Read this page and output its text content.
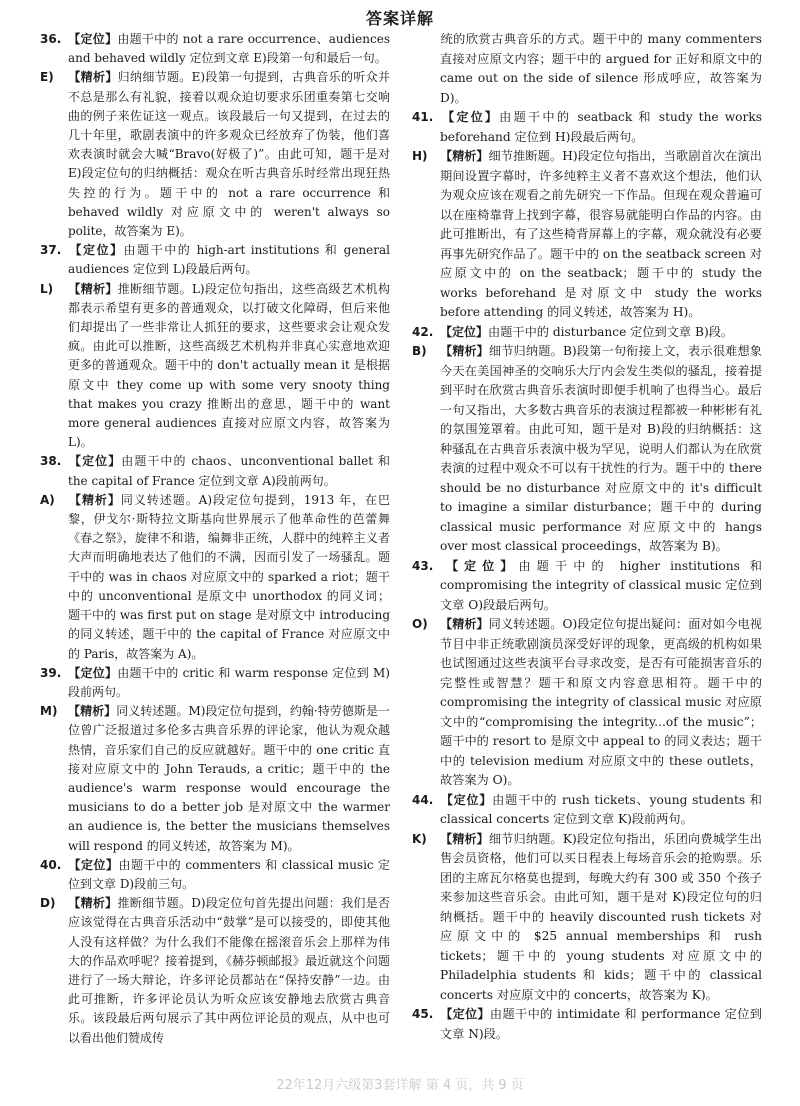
答案详解

36. 【定位】由题干中的 not a rare occurrence、audiences and behaved wildly 定位到文章 E)段第一句和最后一句。

E) 【精析】归纳细节题。E)段第一句提到，古典音乐的听众并不总是那么有礼貌，接着以观众迫切要求乐团重奏第七交响曲的例子来佐证这一观点。该段最后一句又提到，在过去的几十年里，歌剧表演中的许多观众已经放弃了伪装，他们喜欢表演时就会大喊“Bravo(好极了)”。由此可知，题干是对 E)段定位句的归纳概括：观众在听古典音乐时经常出现狂热失控的行为。题干中的 not a rare occurrence 和 behaved wildly 对应原文中的 weren't always so polite，故答案为 E)。

37. 【定位】由题干中的 high-art institutions 和 general audiences 定位到 L)段最后两句。

L) 【精析】推断细节题。L)段定位句指出，这些高级艺术机构都表示希望有更多的普通观众，以打破文化障碍，但后来他们却提出了一些非常让人抓狂的要求，这些要求会让观众发疯。由此可以推断，这些高级艺术机构并非真心实意地欢迎更多的普通观众。题干中的 don't actually mean it 是根据原文中 they come up with some very snooty thing that makes you crazy 推断出的意思，题干中的 want more general audiences 直接对应原文内容，故答案为 L)。

38. 【定位】由题干中的 chaos、unconventional ballet 和 the capital of France 定位到文章 A)段前两句。

A) 【精析】同义转述题。A)段定位句提到，1913 年，在巴黎，伊戈尔·斯特拉文斯基向世界展示了他革命性的芭蕾舞《春之祭》，旋律不和谐，编舞非正统，人群中的纯粹主义者大声而明确地表达了他们的不满，因而引发了一场骚乱。题干中的 was in chaos 对应原文中的 sparked a riot；题干中的 unconventional 是原文中 unorthodox 的同义词；题干中的 was first put on stage 是对原文中 introducing 的同义转述，题干中的 the capital of France 对应原文中的 Paris，故答案为 A)。

39. 【定位】由题干中的 critic 和 warm response 定位到 M)段前两句。

M) 【精析】同义转述题。M)段定位句提到，约翰·特劳德斯是一位曾广泛报道过多伦多古典音乐界的评论家，他认为观众越热情，音乐家们自己的反应就越好。题干中的 one critic 直接对应原文中的 John Terauds, a critic；题干中的 the audience's warm response would encourage the musicians to do a better job 是对原文中 the warmer an audience is, the better the musicians themselves will respond 的同义转述，故答案为 M)。

40. 【定位】由题干中的 commenters 和 classical music 定位到文章 D)段前三句。

D) 【精析】推断细节题。D)段定位句首先提出问题：我们是否应该觉得在古典音乐活动中“鼓掌”是可以接受的，即使其他人没有这样做？为什么我们不能像在摇滚音乐会上那样为伟大的作品欢呼呢？接着提到，《赫芬顿邮报》最近就这个问题进行了一场大辩论，许多评论员都站在“保持安静”一边。由此可推断，许多评论员认为听众应该安静地去欣赏古典音乐。该段最后两句展示了其中两位评论员的观点，从中也可以看出他们赞成传

统的欣赏古典音乐的方式。题干中的 many commenters 直接对应原文内容；题干中的 argued for 正好和原文中的 came out on the side of silence 形成呼应，故答案为 D)。

41. 【定位】由题干中的 seatback 和 study the works beforehand 定位到 H)段最后两句。

H) 【精析】细节推断题。H)段定位句指出，当歌剧首次在演出期间设置字幕时，许多纯粹主义者不喜欢这个想法，他们认为观众应该在观看之前先研究一下作品。但现在观众普遍可以在座椅靠背上找到字幕，很容易就能明白作品的内容。由此可推断出，有了这些椅背屏幕上的字幕，观众就没有必要再事先研究作品了。题干中的 on the seatback screen 对应原文中的 on the seatback；题干中的 study the works beforehand 是对原文中 study the works before attending 的同义转述，故答案为 H)。

42. 【定位】由题干中的 disturbance 定位到文章 B)段。

B) 【精析】细节归纳题。B)段第一句衔接上文，表示很难想象今天在美国神圣的交响乐大厅内会发生类似的骚乱，接着提到平时在欣赏古典音乐表演时即便手机响了也得当心。最后一句又指出，大多数古典音乐的表演过程都被一种彬彬有礼的氛围笼罩着。由此可知，题干是对 B)段的归纳概括：这种骚乱在古典音乐表演中极为罕见，说明人们都认为在欣赏表演的过程中观众不可以有干扰性的行为。题干中的 there should be no disturbance 对应原文中的 it's difficult to imagine a similar disturbance；题干中的 during classical music performance 对应原文中的 hangs over most classical proceedings，故答案为 B)。

43. 【定位】由题干中的 higher institutions 和 compromising the integrity of classical music 定位到文章 O)段最后两句。

O) 【精析】同义转述题。O)段定位句提出疑问：面对如今电视节目中非正统歌剧演员深受好评的现象，更高级的机构如果也试图通过这些表演平台寻求改变，是否有可能损害音乐的完整性或智慧？题干和原文内容意思相符。题干中的 compromising the integrity of classical music 对应原文中的“compromising the integrity...of the music”；题干中的 resort to 是原文中 appeal to 的同义表达；题干中的 television medium 对应原文中的 these outlets，故答案为 O)。

44. 【定位】由题干中的 rush tickets、young students 和 classical concerts 定位到文章 K)段前两句。

K) 【精析】细节归纳题。K)段定位句指出，乐团向费城学生出售会员资格，他们可以买日程表上每场音乐会的抢购票。乐团的主席瓦尔格莫也提到，每晚大约有 300 或 350 个孩子来参加这些音乐会。由此可知，题干是对 K)段定位句的归纳概括。题干中的 heavily discounted rush tickets 对应原文中的 $25 annual memberships 和 rush tickets；题干中的 young students 对应原文中的 Philadelphia students 和 kids；题干中的 classical concerts 对应原文中的 concerts，故答案为 K)。

45. 【定位】由题干中的 intimidate 和 performance 定位到文章 N)段。

22年12月六级第3套详解 第 4 页，共 9 页
